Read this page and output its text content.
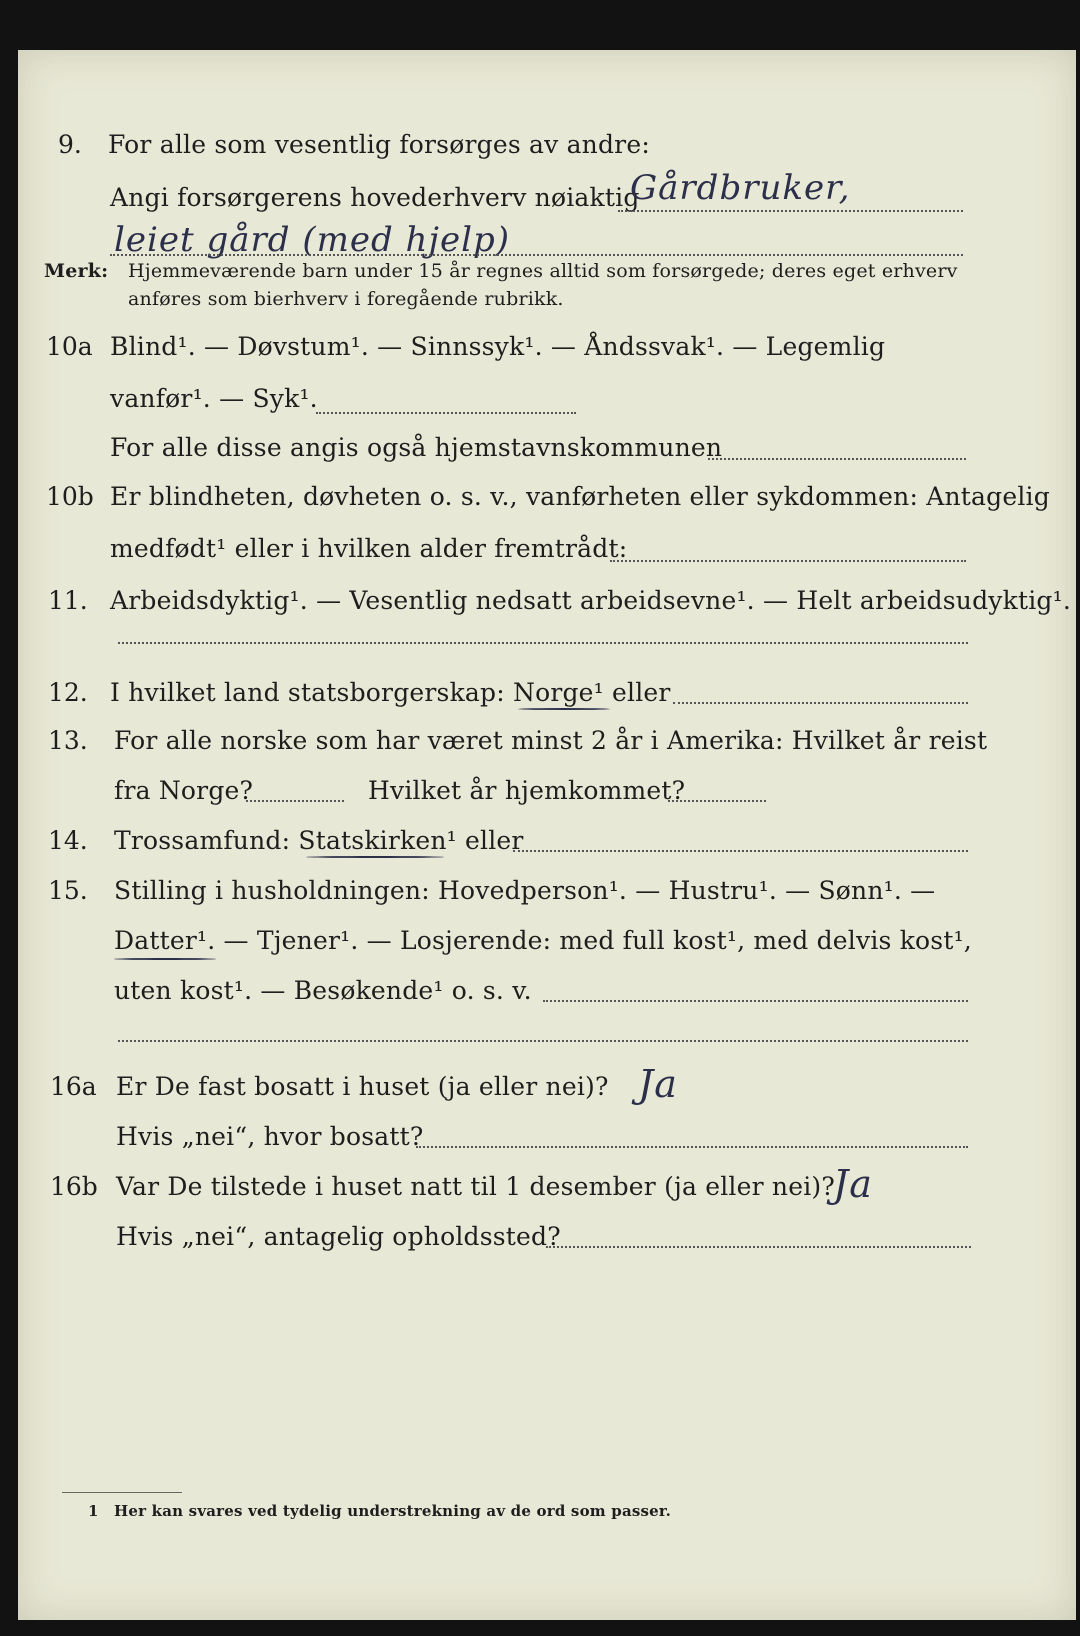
9. For alle som vesentlig forsørges av andre:

Angi forsørgerens hovederhverv nøiaktig

Gårdbruker,

leiet gård (med hjelp)

Merk: Hjemmeværende barn under 15 år regnes alltid som forsørgede; deres eget erhverv

anføres som bierhverv i foregående rubrikk.

10a Blind¹. — Døvstum¹. — Sinnssyk¹. — Åndssvak¹. — Legemlig

vanfør¹. — Syk¹.

For alle disse angis også hjemstavnskommunen

10b Er blindheten, døvheten o. s. v., vanførheten eller sykdommen: Antagelig

medfødt¹ eller i hvilken alder fremtrådt:

11. Arbeidsdyktig¹. — Vesentlig nedsatt arbeidsevne¹. — Helt arbeidsudyktig¹.

12. I hvilket land statsborgerskap: Norge¹ eller

13. For alle norske som har været minst 2 år i Amerika: Hvilket år reist

fra Norge?	Hvilket år hjemkommet?

14. Trossamfund: Statskirken¹ eller

15. Stilling i husholdningen: Hovedperson¹. — Hustru¹. — Sønn¹. —

Datter¹. — Tjener¹. — Losjerende: med full kost¹, med delvis kost¹,

uten kost¹. — Besøkende¹ o. s. v.

16a Er De fast bosatt i huset (ja eller nei)? Ja

Hvis „nei“, hvor bosatt?

16b Var De tilstede i huset natt til 1 desember (ja eller nei)?

Ja

Hvis „nei“, antagelig opholdssted?

1 Her kan svares ved tydelig understrekning av de ord som passer.
